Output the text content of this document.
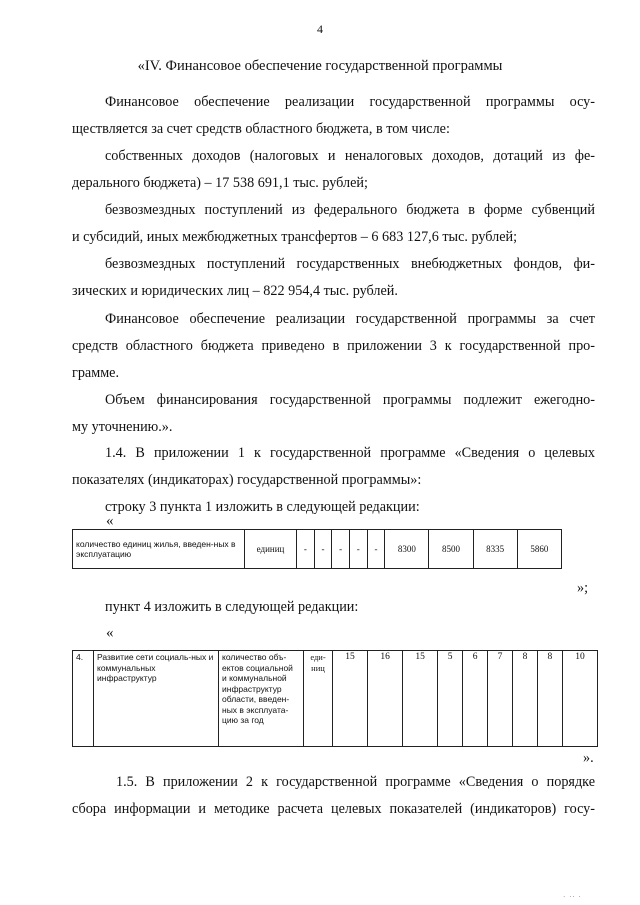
4
«IV. Финансовое обеспечение государственной программы
Финансовое обеспечение реализации государственной программы осу-
ществляется за счет средств областного бюджета, в том числе:
собственных доходов (налоговых и неналоговых доходов, дотаций из фе-
дерального бюджета) – 17 538 691,1 тыс. рублей;
безвозмездных поступлений из федерального бюджета в форме субвенций
и субсидий, иных межбюджетных трансфертов – 6 683 127,6 тыс. рублей;
безвозмездных поступлений государственных внебюджетных фондов, фи-
зических и юридических лиц – 822 954,4 тыс. рублей.
Финансовое обеспечение реализации государственной программы за счет
средств областного бюджета приведено в приложении 3 к государственной про-
грамме.
Объем финансирования государственной программы подлежит ежегодно-
му уточнению.».
1.4. В приложении 1 к государственной программе «Сведения о целевых
показателях (индикаторах) государственной программы»:
строку 3 пункта 1 изложить в следующей редакции:
«
количество единиц жилья, введен-ных в эксплуатацию	единиц	-	-	-	-	-	8300	8500	8335	5860
»;
пункт 4 изложить в следующей редакции:
«
4.	Развитие сети социаль-ных и коммунальных инфраструктур	количество объ-ектов социальной и коммунальной инфраструктур области, введен-ных в эксплуата-цию за год	еди-ниц	15	16	15	5	6	7	8	8	10
».
1.5. В приложении 2 к государственной программе «Сведения о порядке
сбора информации и методике расчета целевых показателей (индикаторов) госу-
· ·· ·
